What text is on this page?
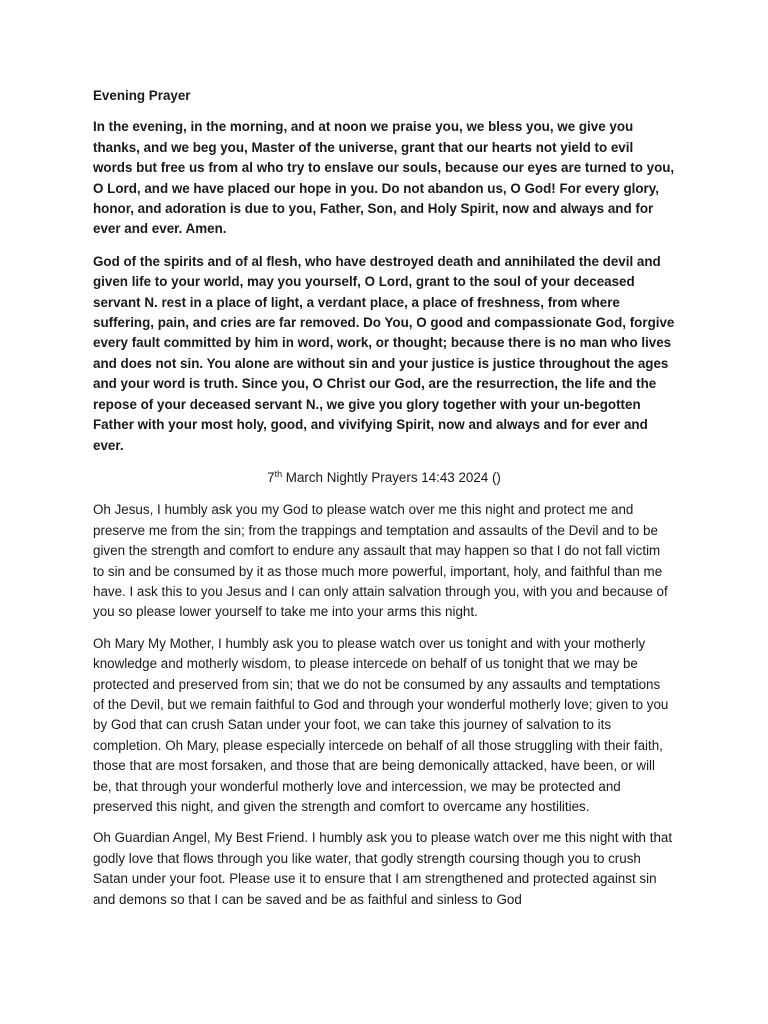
Evening Prayer

In the evening, in the morning, and at noon we praise you, we bless you, we give you thanks, and we beg you, Master of the universe, grant that our hearts not yield to evil words but free us from al who try to enslave our souls, because our eyes are turned to you, O Lord, and we have placed our hope in you. Do not abandon us, O God! For every glory, honor, and adoration is due to you, Father, Son, and Holy Spirit, now and always and for ever and ever. Amen.

God of the spirits and of al flesh, who have destroyed death and annihilated the devil and given life to your world, may you yourself, O Lord, grant to the soul of your deceased servant N. rest in a place of light, a verdant place, a place of freshness, from where suffering, pain, and cries are far removed. Do You, O good and compassionate God, forgive every fault committed by him in word, work, or thought; because there is no man who lives and does not sin. You alone are without sin and your justice is justice throughout the ages and your word is truth. Since you, O Christ our God, are the resurrection, the life and the repose of your deceased servant N., we give you glory together with your un-begotten Father with your most holy, good, and vivifying Spirit, now and always and for ever and ever.

7th March Nightly Prayers 14:43 2024 ()

Oh Jesus, I humbly ask you my God to please watch over me this night and protect me and preserve me from the sin; from the trappings and temptation and assaults of the Devil and to be given the strength and comfort to endure any assault that may happen so that I do not fall victim to sin and be consumed by it as those much more powerful, important, holy, and faithful than me have. I ask this to you Jesus and I can only attain salvation through you, with you and because of you so please lower yourself to take me into your arms this night.

Oh Mary My Mother, I humbly ask you to please watch over us tonight and with your motherly knowledge and motherly wisdom, to please intercede on behalf of us tonight that we may be protected and preserved from sin; that we do not be consumed by any assaults and temptations of the Devil, but we remain faithful to God and through your wonderful motherly love; given to you by God that can crush Satan under your foot, we can take this journey of salvation to its completion. Oh Mary, please especially intercede on behalf of all those struggling with their faith, those that are most forsaken, and those that are being demonically attacked, have been, or will be, that through your wonderful motherly love and intercession, we may be protected and preserved this night, and given the strength and comfort to overcame any hostilities.

Oh Guardian Angel, My Best Friend. I humbly ask you to please watch over me this night with that godly love that flows through you like water, that godly strength coursing though you to crush Satan under your foot. Please use it to ensure that I am strengthened and protected against sin and demons so that I can be saved and be as faithful and sinless to God
